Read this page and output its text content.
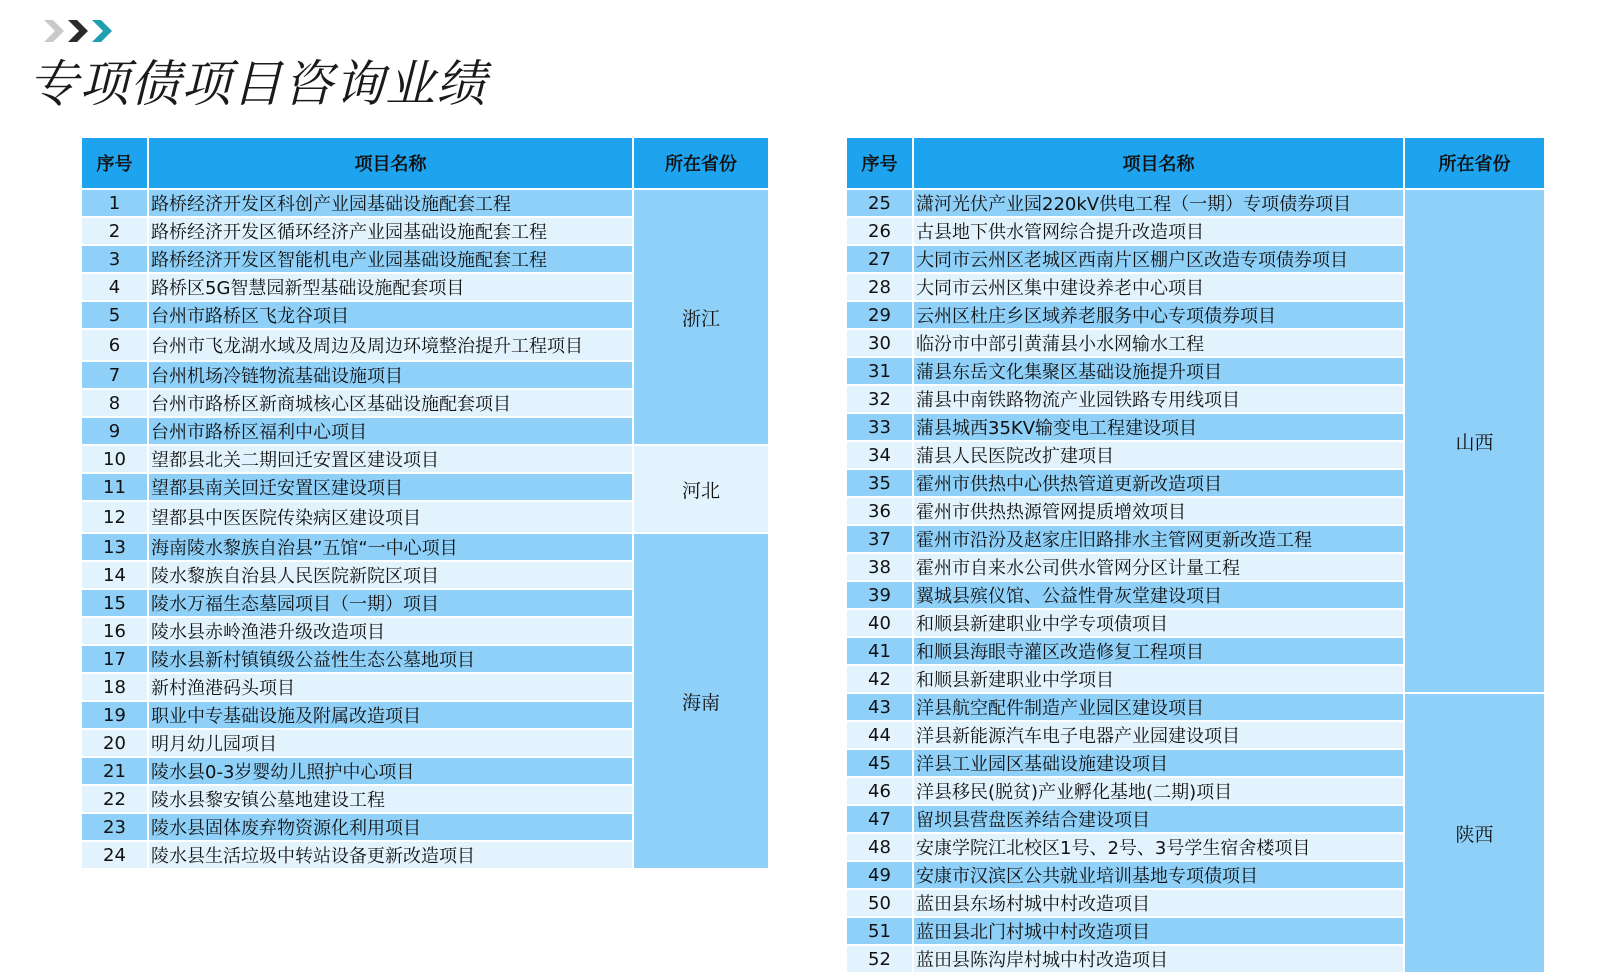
专项债项目咨询业绩
序号	项目名称	所在省份
1	路桥经济开发区科创产业园基础设施配套工程	浙江
2	路桥经济开发区循环经济产业园基础设施配套工程	
3	路桥经济开发区智能机电产业园基础设施配套工程	
4	路桥区5G智慧园新型基础设施配套项目	
5	台州市路桥区飞龙谷项目	
6	台州市飞龙湖水域及周边及周边环境整治提升工程项目	
7	台州机场冷链物流基础设施项目	
8	台州市路桥区新商城核心区基础设施配套项目	
9	台州市路桥区福利中心项目	
10	望都县北关二期回迁安置区建设项目	河北
11	望都县南关回迁安置区建设项目	
12	望都县中医医院传染病区建设项目	
13	海南陵水黎族自治县”五馆“一中心项目	海南
14	陵水黎族自治县人民医院新院区项目	
15	陵水万福生态墓园项目（一期）项目	
16	陵水县赤岭渔港升级改造项目	
17	陵水县新村镇镇级公益性生态公墓地项目	
18	新村渔港码头项目	
19	职业中专基础设施及附属改造项目	
20	明月幼儿园项目	
21	陵水县0-3岁婴幼儿照护中心项目	
22	陵水县黎安镇公墓地建设工程	
23	陵水县固体废弃物资源化利用项目	
24	陵水县生活垃圾中转站设备更新改造项目	
序号	项目名称	所在省份
25	潇河光伏产业园220kV供电工程（一期）专项债券项目	山西
26	古县地下供水管网综合提升改造项目	
27	大同市云州区老城区西南片区棚户区改造专项债券项目	
28	大同市云州区集中建设养老中心项目	
29	云州区杜庄乡区域养老服务中心专项债券项目	
30	临汾市中部引黄蒲县小水网输水工程	
31	蒲县东岳文化集聚区基础设施提升项目	
32	蒲县中南铁路物流产业园铁路专用线项目	
33	蒲县城西35KV输变电工程建设项目	
34	蒲县人民医院改扩建项目	
35	霍州市供热中心供热管道更新改造项目	
36	霍州市供热热源管网提质增效项目	
37	霍州市沿汾及赵家庄旧路排水主管网更新改造工程	
38	霍州市自来水公司供水管网分区计量工程	
39	翼城县殡仪馆、公益性骨灰堂建设项目	
40	和顺县新建职业中学专项债项目	
41	和顺县海眼寺灌区改造修复工程项目	
42	和顺县新建职业中学项目	
43	洋县航空配件制造产业园区建设项目	陕西
44	洋县新能源汽车电子电器产业园建设项目	
45	洋县工业园区基础设施建设项目	
46	洋县移民(脱贫)产业孵化基地(二期)项目	
47	留坝县营盘医养结合建设项目	
48	安康学院江北校区1号、2号、3号学生宿舍楼项目	
49	安康市汉滨区公共就业培训基地专项债项目	
50	蓝田县东场村城中村改造项目	
51	蓝田县北门村城中村改造项目	
52	蓝田县陈沟岸村城中村改造项目	
